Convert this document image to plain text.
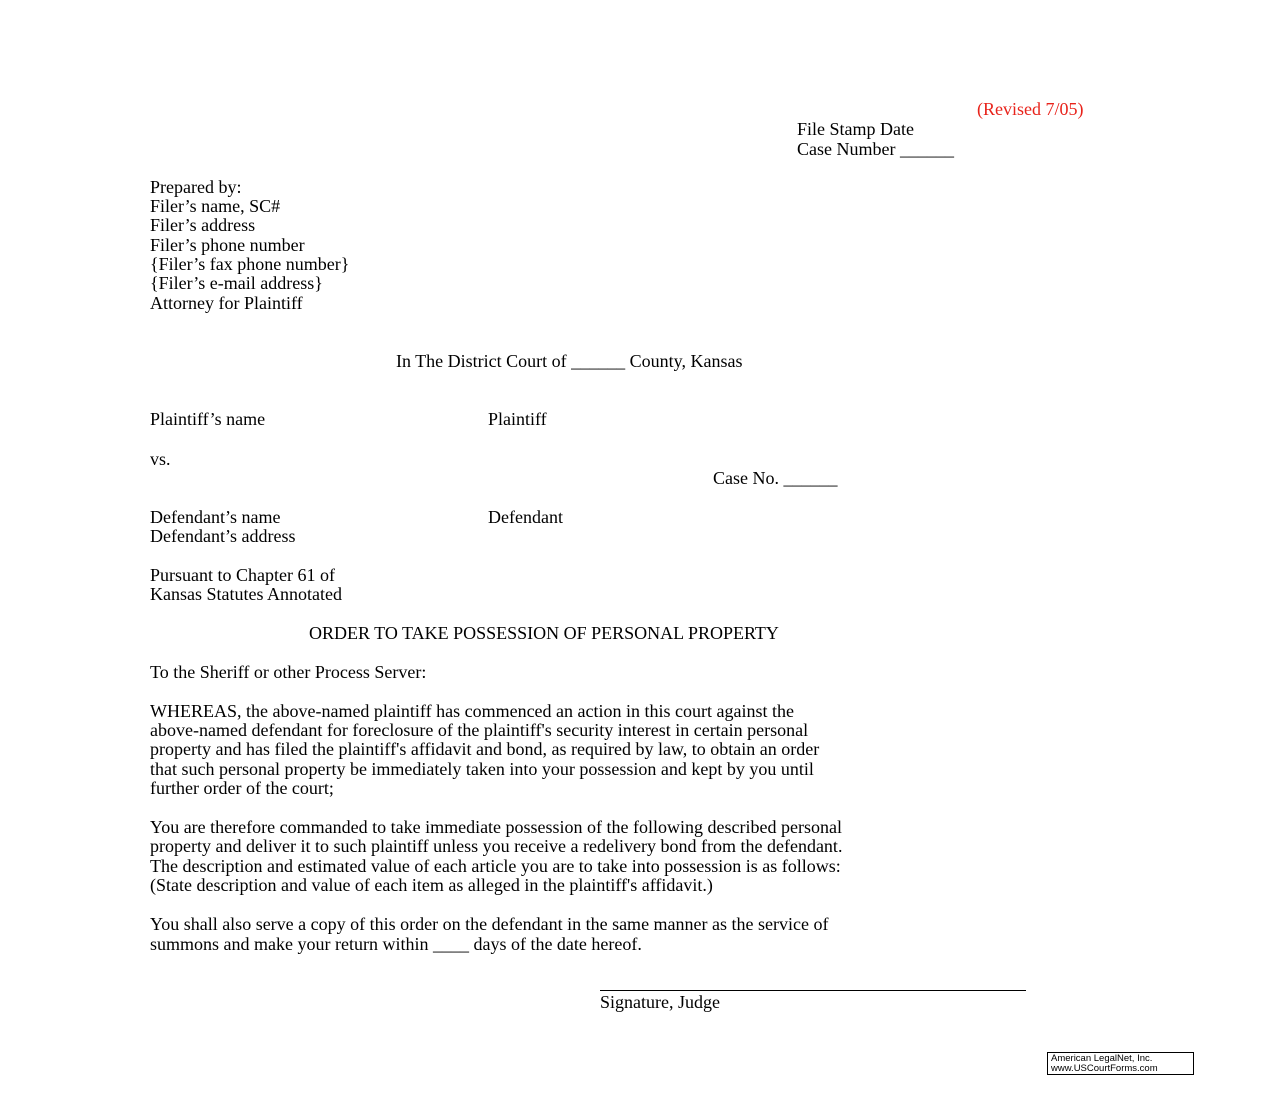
(Revised 7/05)
File Stamp Date
Case Number ______
Prepared by:
Filer’s name, SC#
Filer’s address
Filer’s phone number
{Filer’s fax phone number}
{Filer’s e-mail address}
Attorney for Plaintiff
In The District Court of ______ County, Kansas
Plaintiff’s name	Plaintiff
vs.
Case No. ______
Defendant’s name	Defendant
Defendant’s address
Pursuant to Chapter 61 of
Kansas Statutes Annotated
ORDER TO TAKE POSSESSION OF PERSONAL PROPERTY
To the Sheriff or other Process Server:
WHEREAS, the above-named plaintiff has commenced an action in this court against the
above-named defendant for foreclosure of the plaintiff's security interest in certain personal
property and has filed the plaintiff's affidavit and bond, as required by law, to obtain an order
that such personal property be immediately taken into your possession and kept by you until
further order of the court;
You are therefore commanded to take immediate possession of the following described personal
property and deliver it to such plaintiff unless you receive a redelivery bond from the defendant.
The description and estimated value of each article you are to take into possession is as follows:
(State description and value of each item as alleged in the plaintiff's affidavit.)
You shall also serve a copy of this order on the defendant in the same manner as the service of
summons and make your return within ____ days of the date hereof.
Signature, Judge
American LegalNet, Inc.
www.USCourtForms.com
